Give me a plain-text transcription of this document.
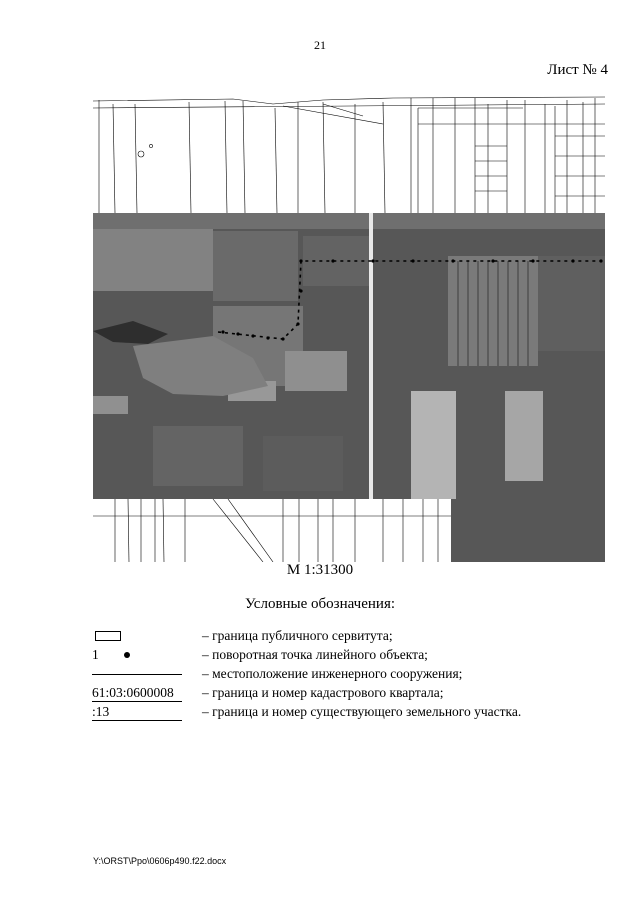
21
Лист № 4
М 1:31300
Условные обозначения:
– граница публичного сервитута;
1	– поворотная точка линейного объекта;
– местоположение инженерного сооружения;
61:03:0600008	– граница и номер кадастрового квартала;
:13	– граница и номер существующего земельного участка.
Y:\ORST\Ppo\0606p490.f22.docx
